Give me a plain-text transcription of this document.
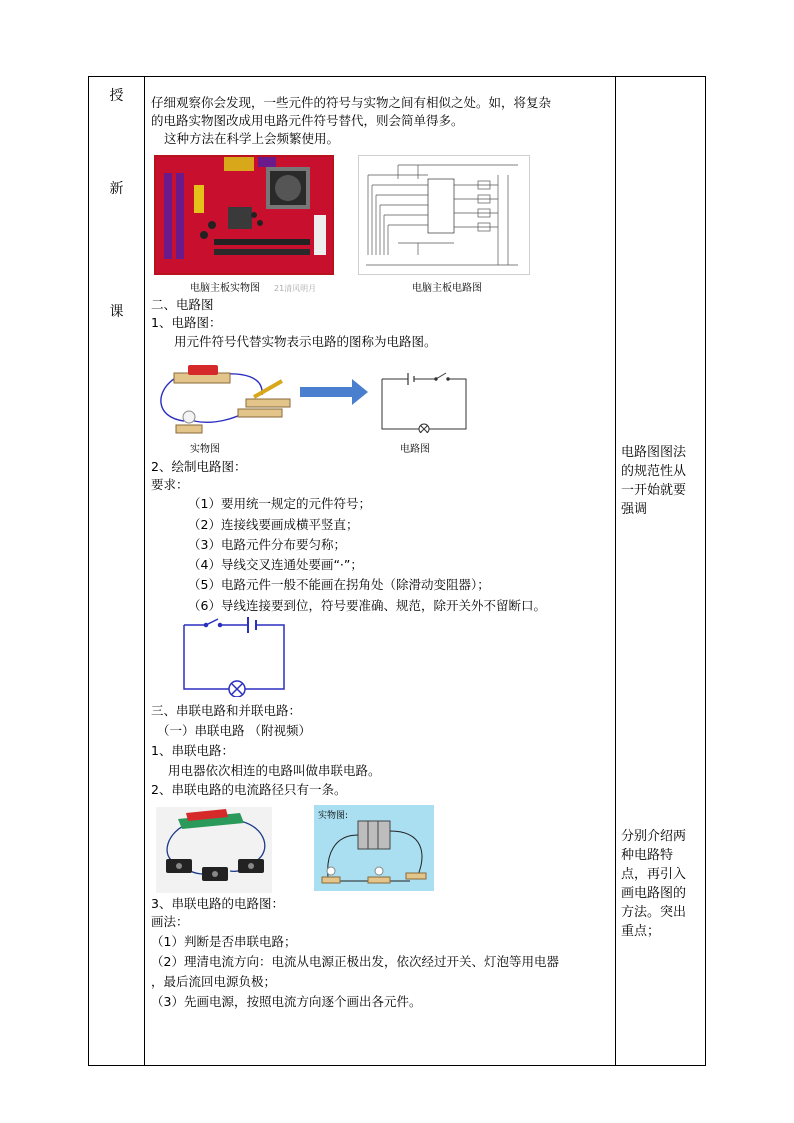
授
新
课
电路图图法的规范性从一开始就要强调
分别介绍两种电路特点，再引入画电路图的方法。突出重点；
仔细观察你会发现，一些元件的符号与实物之间有相似之处。如，将复杂
的电路实物图改成用电路元件符号替代，则会简单得多。
这种方法在科学上会频繁使用。
电脑主板实物图 21清风明月	电脑主板电路图
二、电路图
1、电路图：
用元件符号代替实物表示电路的图称为电路图。
实物图	电路图
2、绘制电路图：
要求：
（1）要用统一规定的元件符号；
（2）连接线要画成横平竖直；
（3）电路元件分布要匀称；
（4）导线交叉连通处要画“·”；
（5）电路元件一般不能画在拐角处（除滑动变阻器）；
（6）导线连接要到位，符号要准确、规范，除开关外不留断口。
三、串联电路和并联电路：
（一）串联电路 （附视频）
1、串联电路：
用电器依次相连的电路叫做串联电路。
2、串联电路的电流路径只有一条。
实物图:
3、串联电路的电路图：
画法：
（1）判断是否串联电路；
（2）理清电流方向：电流从电源正极出发，依次经过开关、灯泡等用电器
，最后流回电源负极；
（3）先画电源，按照电流方向逐个画出各元件。
